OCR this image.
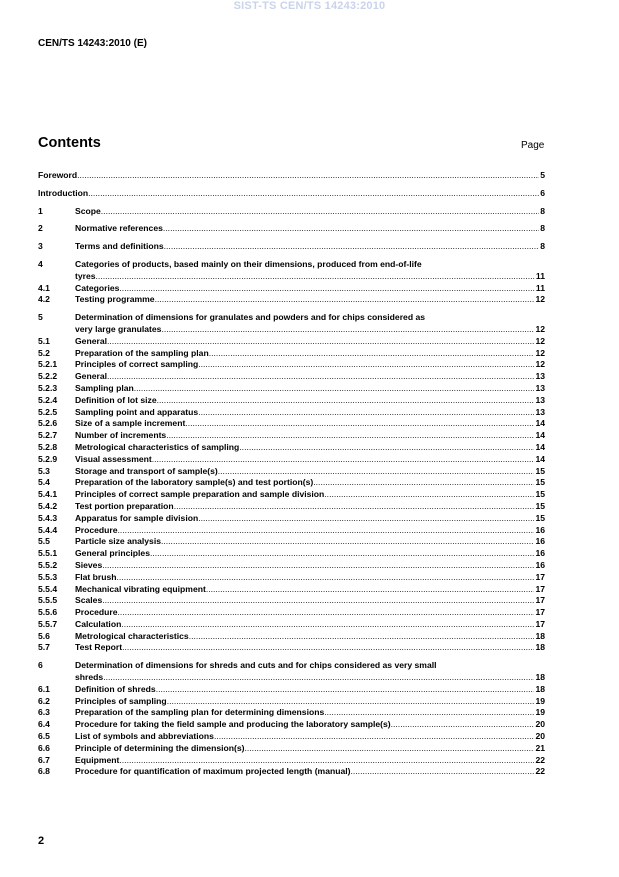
SIST-TS CEN/TS 14243:2010
CEN/TS 14243:2010 (E)
Contents	Page
Foreword .....	5
Introduction .....	6
1	Scope .....	8
2	Normative references .....	8
3	Terms and definitions .....	8
4	Categories of products, based mainly on their dimensions, produced from end-of-life
tyres .....	11
4.1	Categories .....	11
4.2	Testing programme .....	12
5	Determination of dimensions for granulates and powders and for chips considered as
very large granulates .....	12
5.1	General .....	12
5.2	Preparation of the sampling plan .....	12
5.2.1	Principles of correct sampling .....	12
5.2.2	General .....	13
5.2.3	Sampling plan .....	13
5.2.4	Definition of lot size .....	13
5.2.5	Sampling point and apparatus .....	13
5.2.6	Size of a sample increment .....	14
5.2.7	Number of increments .....	14
5.2.8	Metrological characteristics of sampling .....	14
5.2.9	Visual assessment .....	14
5.3	Storage and transport of sample(s) .....	15
5.4	Preparation of the laboratory sample(s) and test portion(s) .....	15
5.4.1	Principles of correct sample preparation and sample division .....	15
5.4.2	Test portion preparation .....	15
5.4.3	Apparatus for sample division .....	15
5.4.4	Procedure .....	16
5.5	Particle size analysis .....	16
5.5.1	General principles .....	16
5.5.2	Sieves .....	16
5.5.3	Flat brush .....	17
5.5.4	Mechanical vibrating equipment .....	17
5.5.5	Scales .....	17
5.5.6	Procedure .....	17
5.5.7	Calculation .....	17
5.6	Metrological characteristics .....	18
5.7	Test Report .....	18
6	Determination of dimensions for shreds and cuts and for chips considered as very small
shreds .....	18
6.1	Definition of shreds .....	18
6.2	Principles of sampling .....	19
6.3	Preparation of the sampling plan for determining dimensions .....	19
6.4	Procedure for taking the field sample and producing the laboratory sample(s) .....	20
6.5	List of symbols and abbreviations .....	20
6.6	Principle of determining the dimension(s) .....	21
6.7	Equipment .....	22
6.8	Procedure for quantification of maximum projected length (manual) .....	22
2
